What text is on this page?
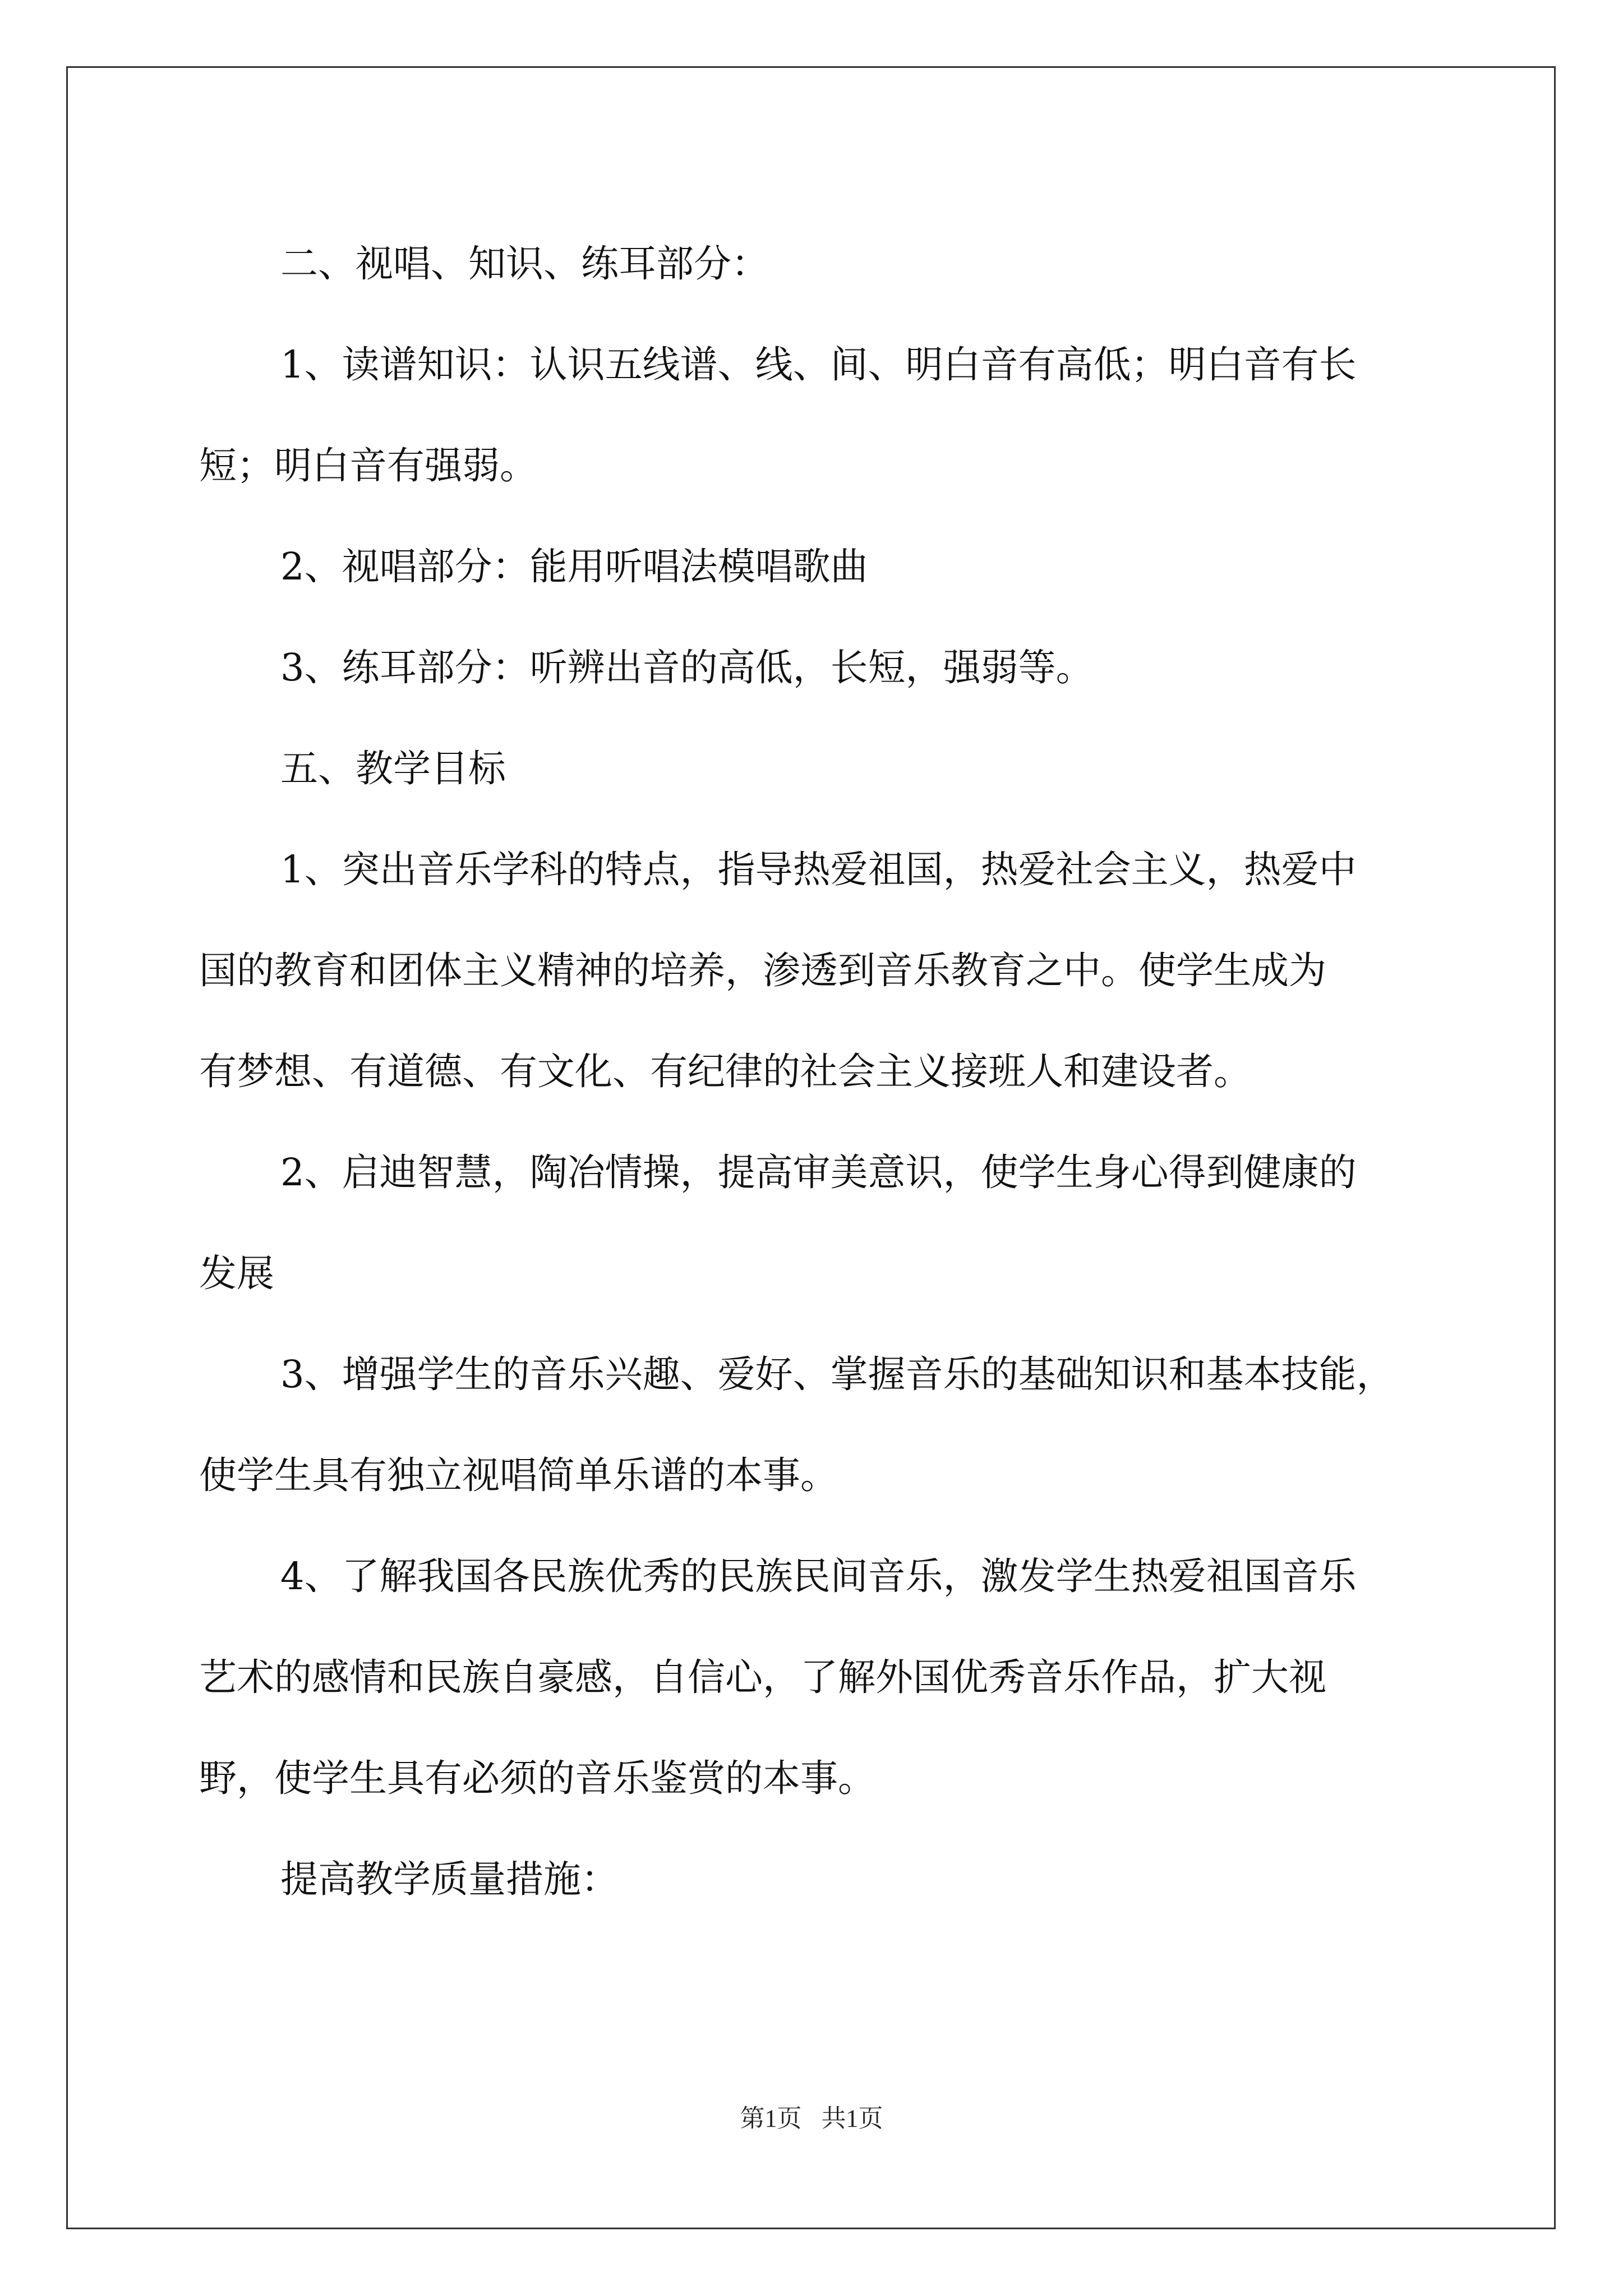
二、视唱、知识、练耳部分：
1、读谱知识：认识五线谱、线、间、明白音有高低；明白音有长
短；明白音有强弱。
2、视唱部分：能用听唱法模唱歌曲
3、练耳部分：听辨出音的高低，长短，强弱等。
五、教学目标
1、突出音乐学科的特点，指导热爱祖国，热爱社会主义，热爱中
国的教育和团体主义精神的培养，渗透到音乐教育之中。使学生成为
有梦想、有道德、有文化、有纪律的社会主义接班人和建设者。
2、启迪智慧，陶冶情操，提高审美意识，使学生身心得到健康的
发展
3、增强学生的音乐兴趣、爱好、掌握音乐的基础知识和基本技能，
使学生具有独立视唱简单乐谱的本事。
4、了解我国各民族优秀的民族民间音乐，激发学生热爱祖国音乐
艺术的感情和民族自豪感，自信心，了解外国优秀音乐作品，扩大视
野，使学生具有必须的音乐鉴赏的本事。
提高教学质量措施：
第1页 共1页
